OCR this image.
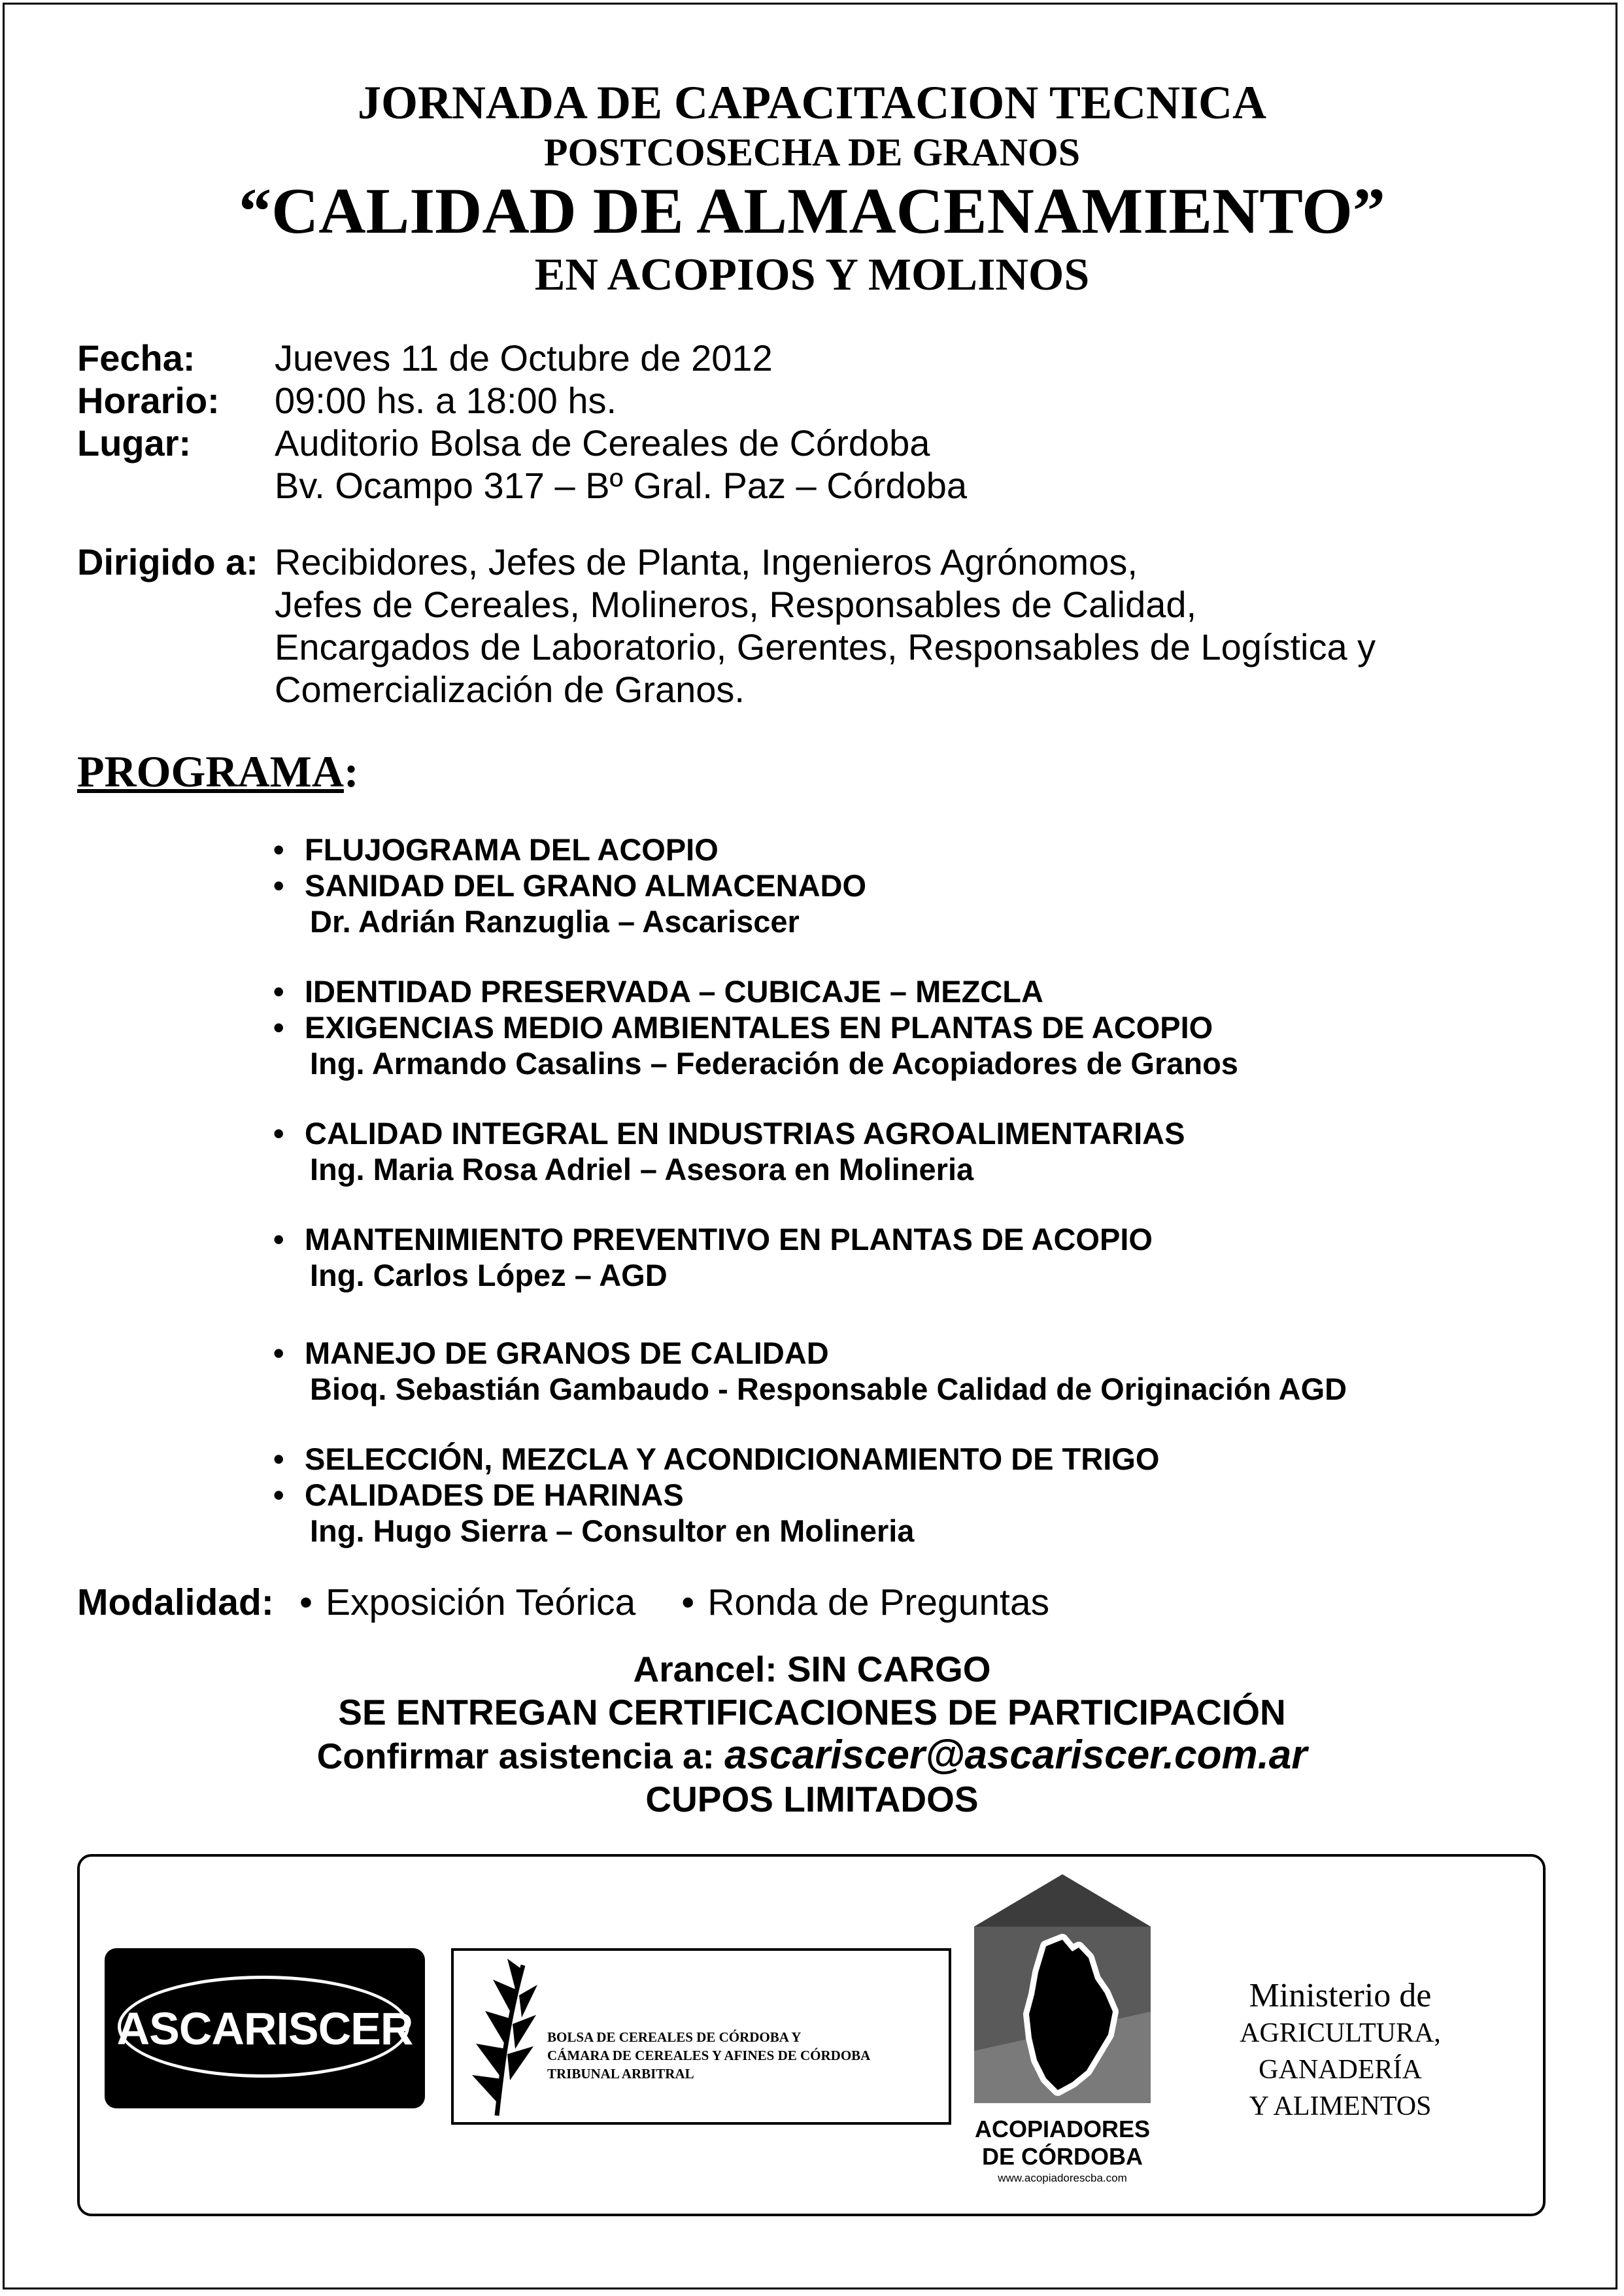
JORNADA DE CAPACITACION TECNICA
POSTCOSECHA DE GRANOS
“CALIDAD DE ALMACENAMIENTO”
EN ACOPIOS Y MOLINOS
Fecha:	Jueves 11 de Octubre de 2012
Horario:	09:00 hs. a 18:00 hs.
Lugar:	Auditorio Bolsa de Cereales de Córdoba
Bv. Ocampo 317 – Bº Gral. Paz – Córdoba
Dirigido a: Recibidores, Jefes de Planta, Ingenieros Agrónomos,
Jefes de Cereales, Molineros, Responsables de Calidad,
Encargados de Laboratorio, Gerentes, Responsables de Logística y
Comercialización de Granos.
PROGRAMA:
• FLUJOGRAMA DEL ACOPIO
• SANIDAD DEL GRANO ALMACENADO
Dr. Adrián Ranzuglia – Ascariscer
• IDENTIDAD PRESERVADA – CUBICAJE – MEZCLA
• EXIGENCIAS MEDIO AMBIENTALES EN PLANTAS DE ACOPIO
Ing. Armando Casalins – Federación de Acopiadores de Granos
• CALIDAD INTEGRAL EN INDUSTRIAS AGROALIMENTARIAS
Ing. Maria Rosa Adriel – Asesora en Molineria
• MANTENIMIENTO PREVENTIVO EN PLANTAS DE ACOPIO
Ing. Carlos López – AGD
• MANEJO DE GRANOS DE CALIDAD
Bioq. Sebastián Gambaudo - Responsable Calidad de Originación AGD
• SELECCIÓN, MEZCLA Y ACONDICIONAMIENTO DE TRIGO
• CALIDADES DE HARINAS
Ing. Hugo Sierra – Consultor en Molineria
Modalidad:	• Exposición Teórica	• Ronda de Preguntas
Arancel: SIN CARGO
SE ENTREGAN CERTIFICACIONES DE PARTICIPACIÓN
Confirmar asistencia a: ascariscer@ascariscer.com.ar
CUPOS LIMITADOS
ASCARISCER	BOLSA DE CEREALES DE CÓRDOBA Y
CÁMARA DE CEREALES Y AFINES DE CÓRDOBA
TRIBUNAL ARBITRAL
ACOPIADORES
DE CÓRDOBA
www.acopiadorescba.com
Ministerio de
AGRICULTURA, GANADERÍA
Y ALIMENTOS
